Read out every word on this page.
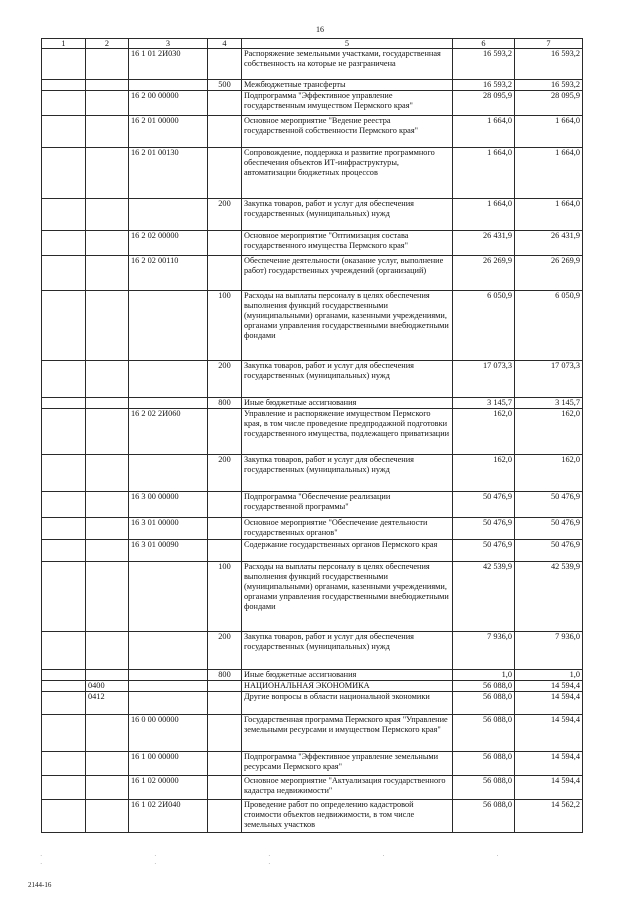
16
1	2	3	4	5	6	7
		16 1 01 2И030		Распоряжение земельными участками, государственная собственность на которые не разграничена	16 593,2	16 593,2
			500	Межбюджетные трансферты	16 593,2	16 593,2
		16 2 00 00000		Подпрограмма "Эффективное управление государственным имуществом Пермского края"	28 095,9	28 095,9
		16 2 01 00000		Основное мероприятие "Ведение реестра государственной собственности Пермского края"	1 664,0	1 664,0
		16 2 01 00130		Сопровождение, поддержка и развитие программного обеспечения объектов ИТ-инфраструктуры, автоматизации бюджетных процессов	1 664,0	1 664,0
			200	Закупка товаров, работ и услуг для обеспечения государственных (муниципальных) нужд	1 664,0	1 664,0
		16 2 02 00000		Основное мероприятие "Оптимизация состава государственного имущества Пермского края"	26 431,9	26 431,9
		16 2 02 00110		Обеспечение деятельности (оказание услуг, выполнение работ) государственных учреждений (организаций)	26 269,9	26 269,9
			100	Расходы на выплаты персоналу в целях обеспечения выполнения функций государственными (муниципальными) органами, казенными учреждениями, органами управления государственными внебюджетными фондами	6 050,9	6 050,9
			200	Закупка товаров, работ и услуг для обеспечения государственных (муниципальных) нужд	17 073,3	17 073,3
			800	Иные бюджетные ассигнования	3 145,7	3 145,7
		16 2 02 2И060		Управление и распоряжение имуществом Пермского края, в том числе проведение предпродажной подготовки государственного имущества, подлежащего приватизации	162,0	162,0
			200	Закупка товаров, работ и услуг для обеспечения государственных (муниципальных) нужд	162,0	162,0
		16 3 00 00000		Подпрограмма "Обеспечение реализации государственной программы"	50 476,9	50 476,9
		16 3 01 00000		Основное мероприятие "Обеспечение деятельности государственных органов"	50 476,9	50 476,9
		16 3 01 00090		Содержание государственных органов Пермского края	50 476,9	50 476,9
			100	Расходы на выплаты персоналу в целях обеспечения выполнения функций государственными (муниципальными) органами, казенными учреждениями, органами управления государственными внебюджетными фондами	42 539,9	42 539,9
			200	Закупка товаров, работ и услуг для обеспечения государственных (муниципальных) нужд	7 936,0	7 936,0
			800	Иные бюджетные ассигнования	1,0	1,0
	0400			НАЦИОНАЛЬНАЯ ЭКОНОМИКА	56 088,0	14 594,4
	0412			Другие вопросы в области национальной экономики	56 088,0	14 594,4
		16 0 00 00000		Государственная программа Пермского края "Управление земельными ресурсами и имуществом Пермского края"	56 088,0	14 594,4
		16 1 00 00000		Подпрограмма "Эффективное управление земельными ресурсами Пермского края"	56 088,0	14 594,4
		16 1 02 00000		Основное мероприятие "Актуализация государственного кадастра недвижимости"	56 088,0	14 594,4
		16 1 02 2И040		Проведение работ по определению кадастровой стоимости объектов недвижимости, в том числе земельных участков	56 088,0	14 562,2
· · · · · · · ·
2144-16
